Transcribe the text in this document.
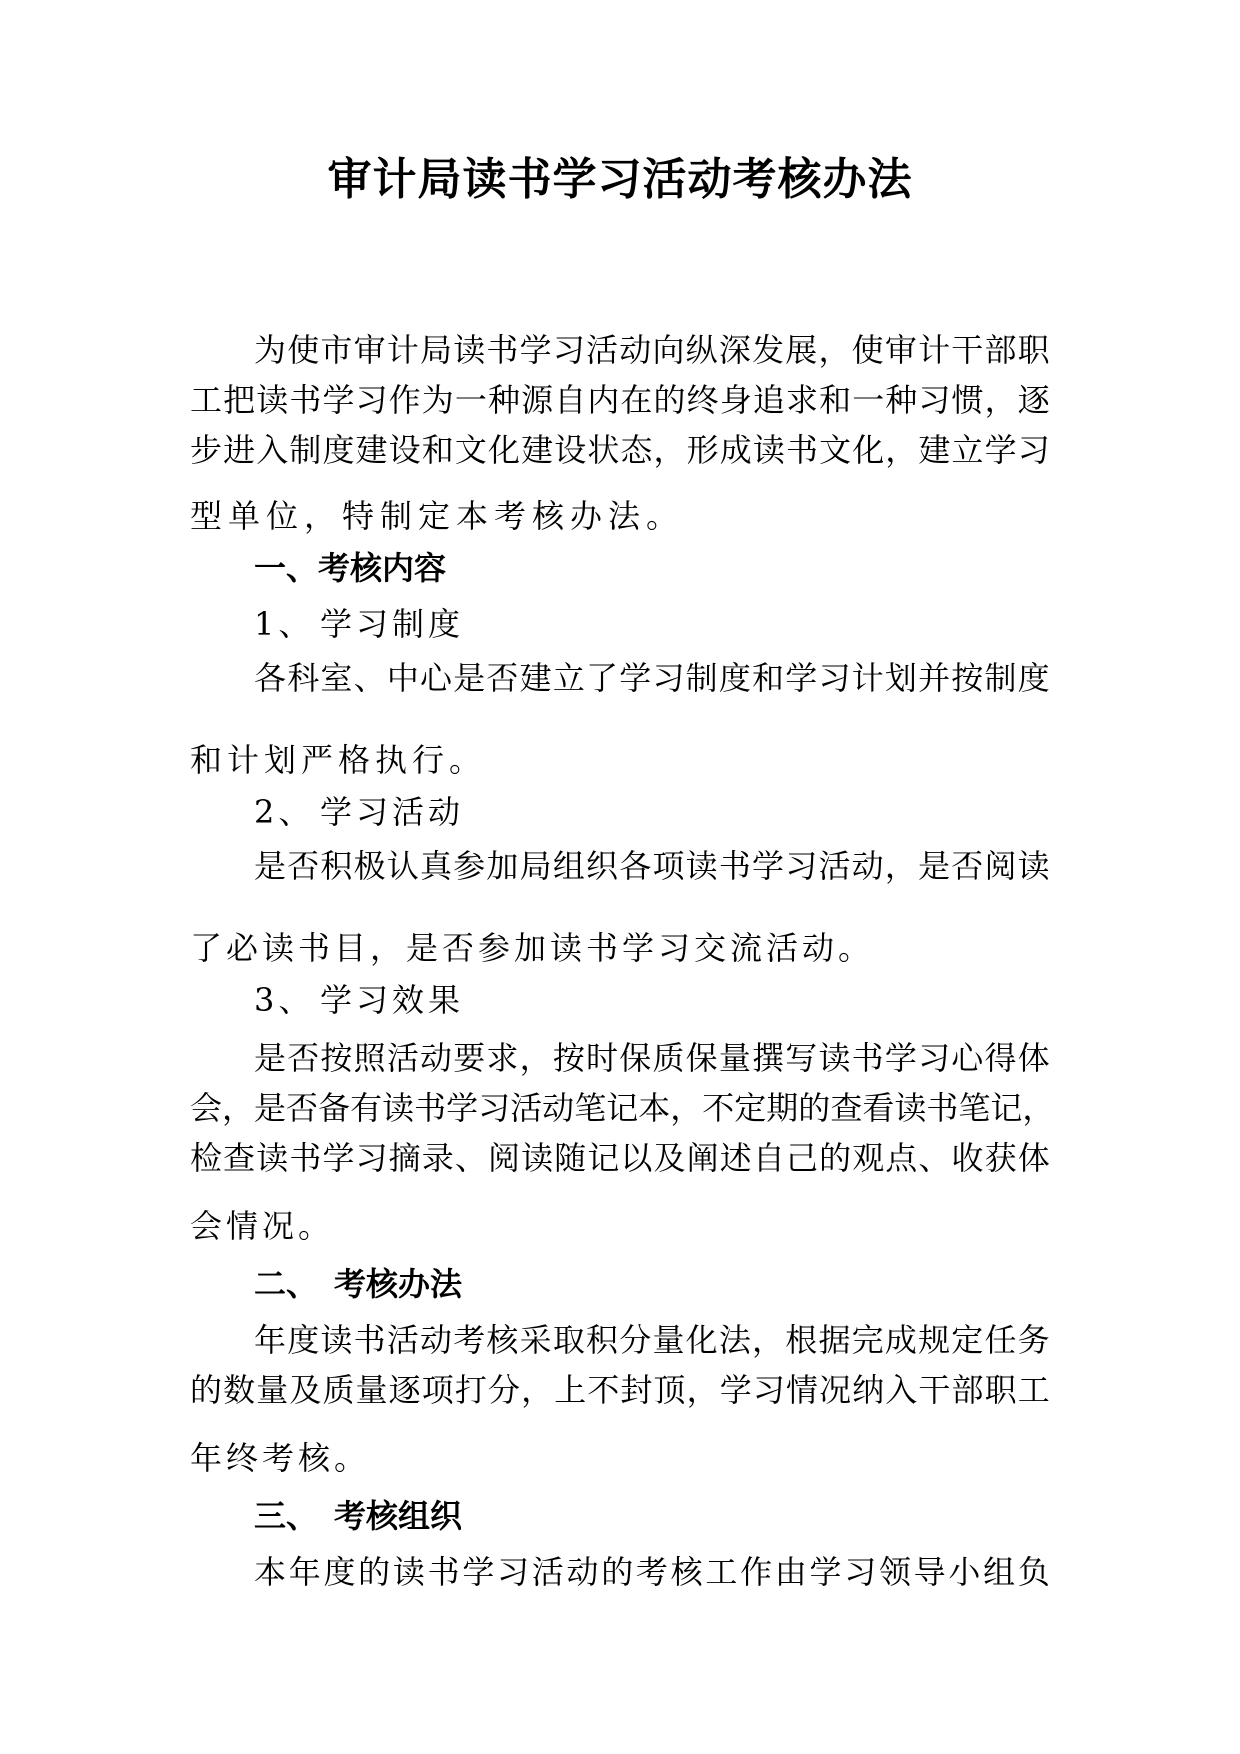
审计局读书学习活动考核办法
为 使 市 审 计 局 读 书 学 习 活 动 向 纵 深 发 展 ， 使 审 计 干 部 职
工 把 读 书 学 习 作 为 一 种 源 自 内 在 的 终 身 追 求 和 一 种 习 惯 ， 逐
步 进 入 制 度 建 设 和 文 化 建 设 状 态 ， 形 成 读 书 文 化 ， 建 立 学 习
型单位，特制定本考核办法。
一、考核内容
1、 学习制度
各 科 室 、 中 心 是 否 建 立 了 学 习 制 度 和 学 习 计 划 并 按 制 度
和计划严格执行。
2、 学习活动
是 否 积 极 认 真 参 加 局 组 织 各 项 读 书 学 习 活 动 ， 是 否 阅 读
了必读书目，是否参加读书学习交流活动。
3、 学习效果
是 否 按 照 活 动 要 求 ， 按 时 保 质 保 量 撰 写 读 书 学 习 心 得 体
会 ， 是 否 备 有 读 书 学 习 活 动 笔 记 本 ， 不 定 期 的 查 看 读 书 笔 记 ，
检 查 读 书 学 习 摘 录 、 阅 读 随 记 以 及 阐 述 自 己 的 观 点 、 收 获 体
会情况。
二、 考核办法
年 度 读 书 活 动 考 核 采 取 积 分 量 化 法 ， 根 据 完 成 规 定 任 务
的 数 量 及 质 量 逐 项 打 分 ， 上 不 封 顶 ， 学 习 情 况 纳 入 干 部 职 工
年终考核。
三、 考核组织
本 年 度 的 读 书 学 习 活 动 的 考 核 工 作 由 学 习 领 导 小 组 负
